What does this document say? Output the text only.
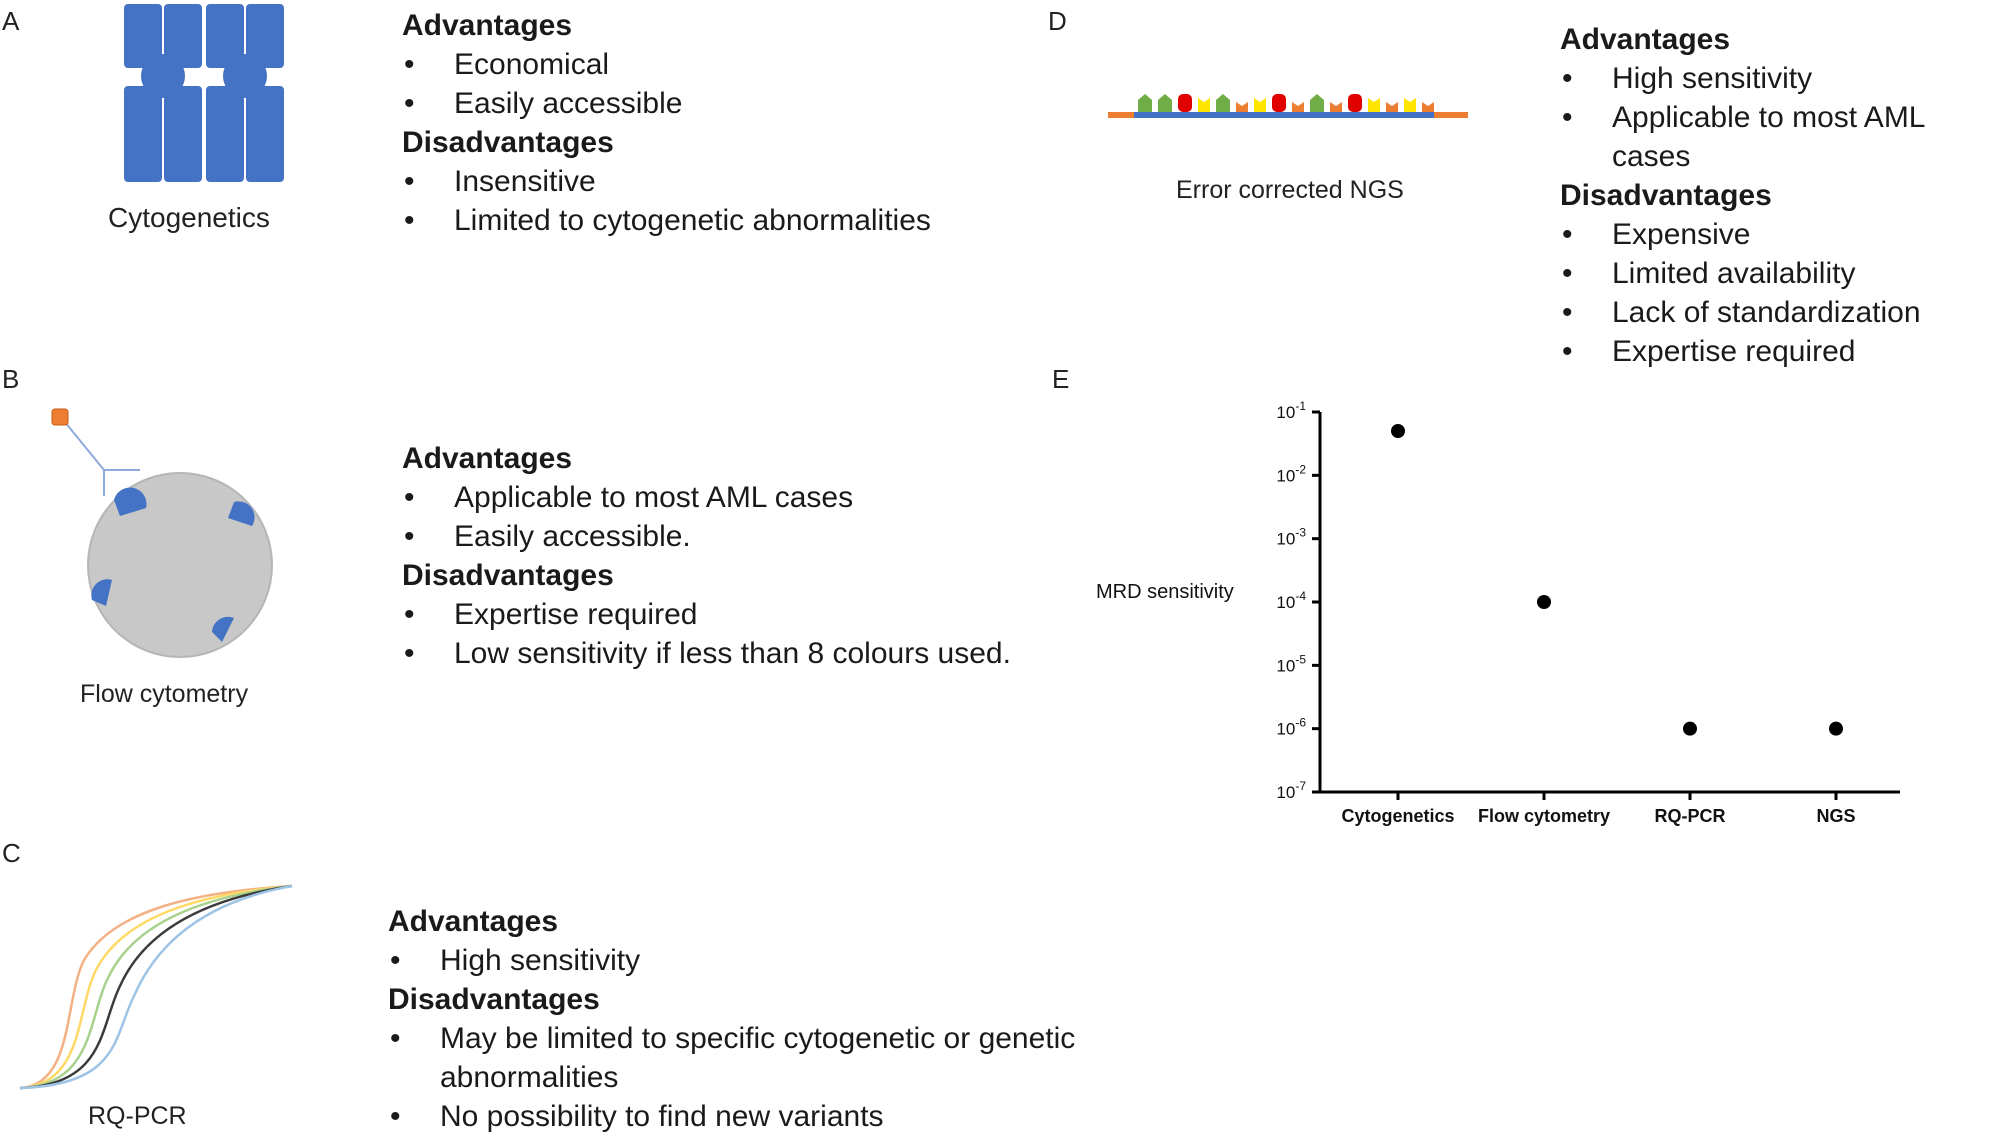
A
Cytogenetics
Advantages
• Economical
• Easily accessible
Disadvantages
• Insensitive
• Limited to cytogenetic abnormalities
B
Flow cytometry
Advantages
• Applicable to most AML cases
• Easily accessible.
Disadvantages
• Expertise required
• Low sensitivity if less than 8 colours used.
C
RQ-PCR
Advantages
• High sensitivity
Disadvantages
• May be limited to specific cytogenetic or genetic abnormalities
• No possibility to find new variants
D
Error corrected NGS
Advantages
• High sensitivity
• Applicable to most AML cases
Disadvantages
• Expensive
• Limited availability
• Lack of standardization
• Expertise required
E
MRD sensitivity
$10^{-1}$
$10^{-2}$
$10^{-3}$
$10^{-4}$
$10^{-5}$
$10^{-6}$
$10^{-7}$
Cytogenetics Flow cytometry RQ-PCR	NGS
